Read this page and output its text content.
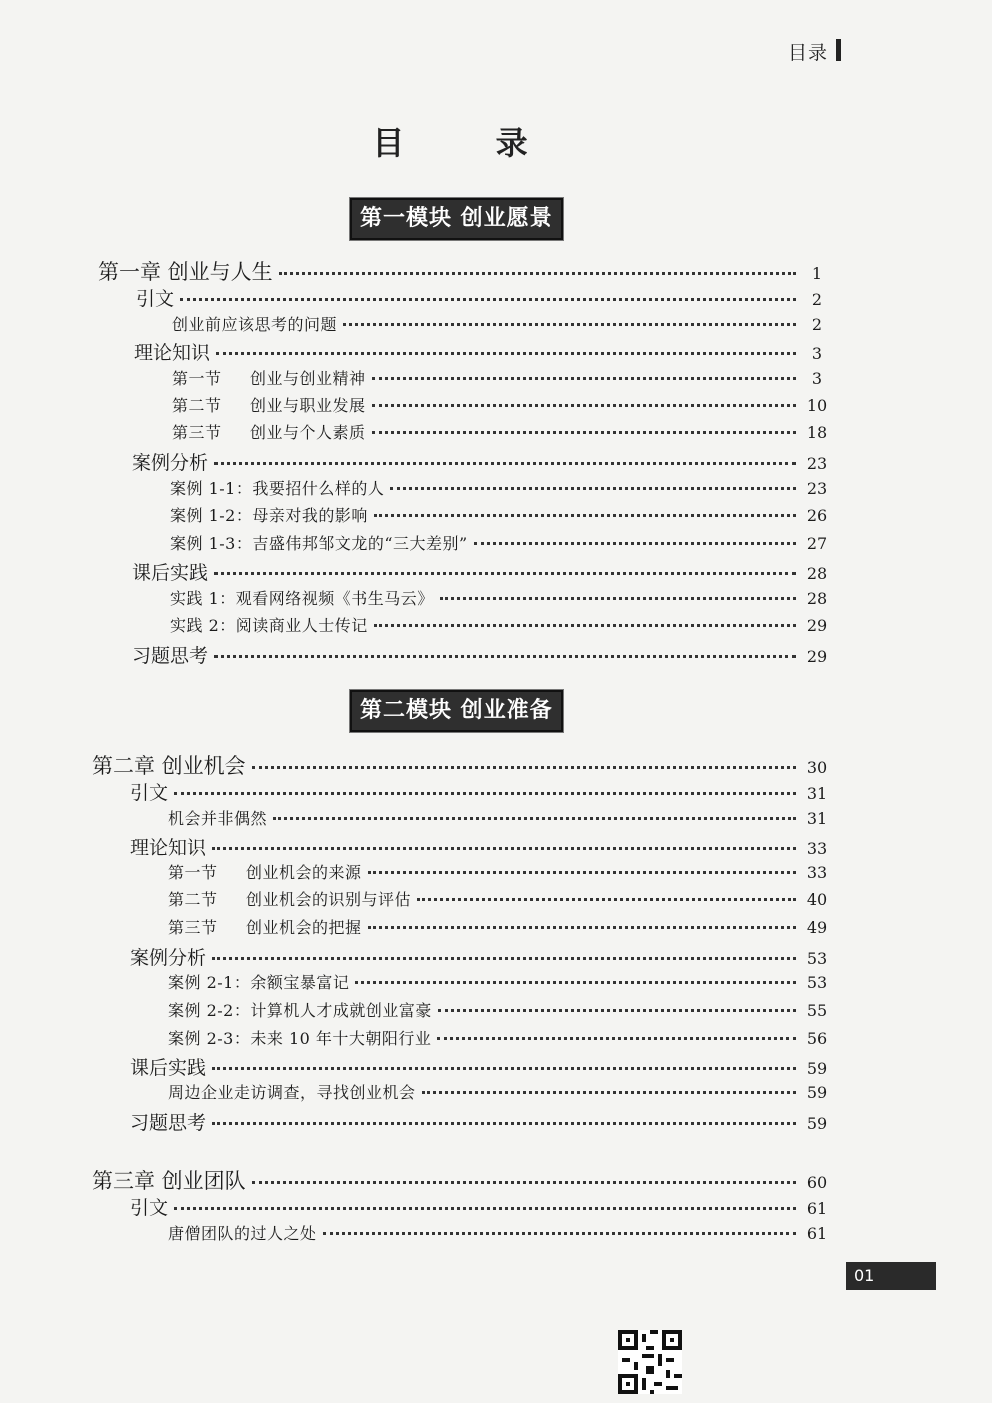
目录
目 录
第一模块 创业愿景
第二模块 创业准备
第一章 创业与人生	1
引文	2
创业前应该思考的问题	2
理论知识	3
第一节 创业与创业精神	3
第二节 创业与职业发展	10
第三节 创业与个人素质	18
案例分析	23
案例 1-1：我要招什么样的人	23
案例 1-2：母亲对我的影响	26
案例 1-3：吉盛伟邦邹文龙的“三大差别”	27
课后实践	28
实践 1：观看网络视频《书生马云》	28
实践 2：阅读商业人士传记	29
习题思考	29
第二章 创业机会	30
引文	31
机会并非偶然	31
理论知识	33
第一节 创业机会的来源	33
第二节 创业机会的识别与评估	40
第三节 创业机会的把握	49
案例分析	53
案例 2-1：余额宝暴富记	53
案例 2-2：计算机人才成就创业富豪	55
案例 2-3：未来 10 年十大朝阳行业	56
课后实践	59
周边企业走访调查，寻找创业机会	59
习题思考	59
第三章 创业团队	60
引文	61
唐僧团队的过人之处	61
01
